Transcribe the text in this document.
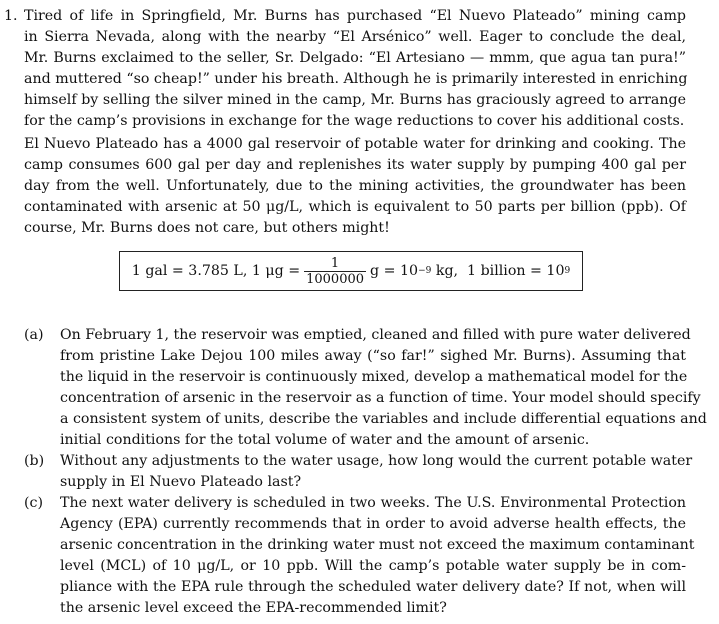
1. Tired of life in Springfield, Mr. Burns has purchased “El Nuevo Plateado” mining camp
in Sierra Nevada, along with the nearby “El Arsénico” well. Eager to conclude the deal,
Mr. Burns exclaimed to the seller, Sr. Delgado: “El Artesiano — mmm, que agua tan pura!”
and muttered “so cheap!” under his breath. Although he is primarily interested in enriching
himself by selling the silver mined in the camp, Mr. Burns has graciously agreed to arrange
for the camp’s provisions in exchange for the wage reductions to cover his additional costs.
El Nuevo Plateado has a 4000 gal reservoir of potable water for drinking and cooking. The
camp consumes 600 gal per day and replenishes its water supply by pumping 400 gal per
day from the well. Unfortunately, due to the mining activities, the groundwater has been
contaminated with arsenic at 50 μg/L, which is equivalent to 50 parts per billion (ppb). Of
course, Mr. Burns does not care, but others might!
1 gal = 3.785 L, 1 $\mu g = \frac{1}{1000000}$ g = 10 −9 kg,  1 billion = 10 9
(a) On February 1, the reservoir was emptied, cleaned and filled with pure water delivered
from pristine Lake Dejou 100 miles away (“so far!” sighed Mr. Burns). Assuming that
the liquid in the reservoir is continuously mixed, develop a mathematical model for the
concentration of arsenic in the reservoir as a function of time. Your model should specify
a consistent system of units, describe the variables and include differential equations and
initial conditions for the total volume of water and the amount of arsenic.
(b) Without any adjustments to the water usage, how long would the current potable water
supply in El Nuevo Plateado last?
(c) The next water delivery is scheduled in two weeks. The U.S. Environmental Protection
Agency (EPA) currently recommends that in order to avoid adverse health effects, the
arsenic concentration in the drinking water must not exceed the maximum contaminant
level (MCL) of 10 μg/L, or 10 ppb. Will the camp’s potable water supply be in com-
pliance with the EPA rule through the scheduled water delivery date? If not, when will
the arsenic level exceed the EPA-recommended limit?
